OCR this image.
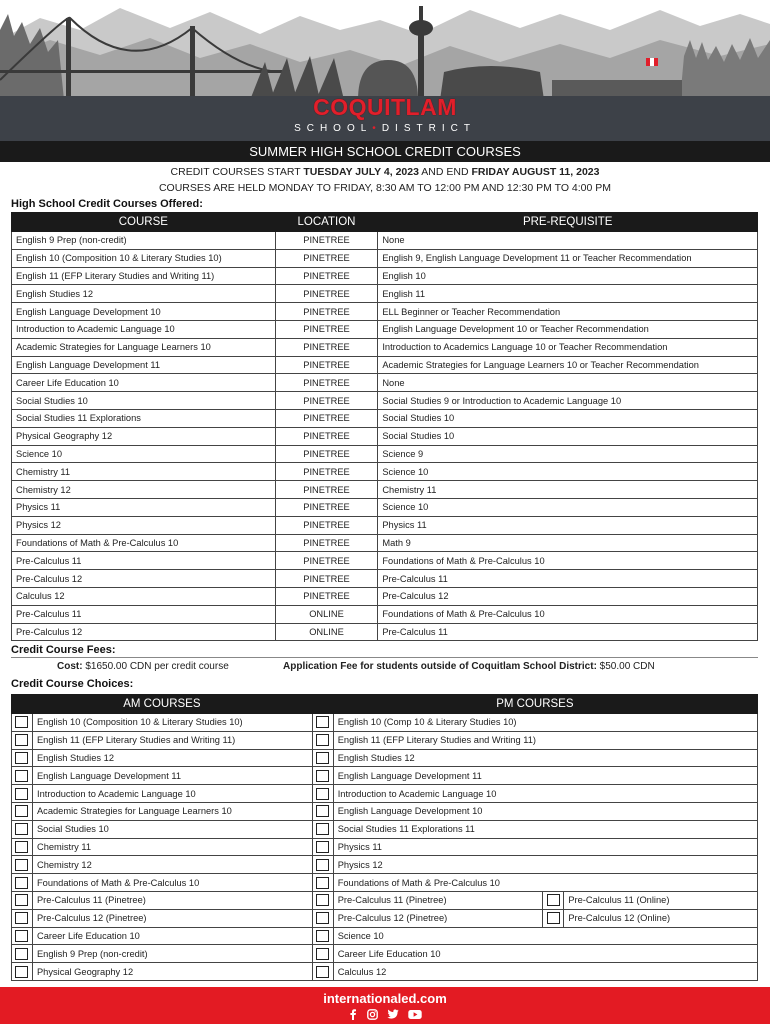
COQUITLAM
SCHOOL•DISTRICT
SUMMER HIGH SCHOOL CREDIT COURSES
CREDIT COURSES START TUESDAY JULY 4, 2023 AND END FRIDAY AUGUST 11, 2023
COURSES ARE HELD MONDAY TO FRIDAY, 8:30 AM TO 12:00 PM AND 12:30 PM TO 4:00 PM
High School Credit Courses Offered:
COURSE	LOCATION	PRE-REQUISITE
English 9 Prep (non-credit)	PINETREE	None
English 10 (Composition 10 & Literary Studies 10)	PINETREE	English 9, English Language Development 11 or Teacher Recommendation
English 11 (EFP Literary Studies and Writing 11)	PINETREE	English 10
English Studies 12	PINETREE	English 11
English Language Development 10	PINETREE	ELL Beginner or Teacher Recommendation
Introduction to Academic Language 10	PINETREE	English Language Development 10 or Teacher Recommendation
Academic Strategies for Language Learners 10	PINETREE	Introduction to Academics Language 10 or Teacher Recommendation
English Language Development 11	PINETREE	Academic Strategies for Language Learners 10 or Teacher Recommendation
Career Life Education 10	PINETREE	None
Social Studies 10	PINETREE	Social Studies 9 or Introduction to Academic Language 10
Social Studies 11 Explorations	PINETREE	Social Studies 10
Physical Geography 12	PINETREE	Social Studies 10
Science 10	PINETREE	Science 9
Chemistry 11	PINETREE	Science 10
Chemistry 12	PINETREE	Chemistry 11
Physics 11	PINETREE	Science 10
Physics 12	PINETREE	Physics 11
Foundations of Math & Pre-Calculus 10	PINETREE	Math 9
Pre-Calculus 11	PINETREE	Foundations of Math & Pre-Calculus 10
Pre-Calculus 12	PINETREE	Pre-Calculus 11
Calculus 12	PINETREE	Pre-Calculus 12
Pre-Calculus 11	ONLINE	Foundations of Math & Pre-Calculus 10
Pre-Calculus 12	ONLINE	Pre-Calculus 11
Credit Course Fees:
Cost: $1650.00 CDN per credit course	Application Fee for students outside of Coquitlam School District: $50.00 CDN
Credit Course Choices:
AM COURSES		PM COURSES			
	English 10 (Composition 10 & Literary Studies 10)		English 10 (Comp 10 & Literary Studies 10)		
	English 11 (EFP Literary Studies and Writing 11)		English 11 (EFP Literary Studies and Writing 11)		
	English Studies 12		English Studies 12		
	English Language Development 11		English Language Development 11		
	Introduction to Academic Language 10		Introduction to Academic Language 10		
	Academic Strategies for Language Learners 10		English Language Development 10		
	Social Studies 10		Social Studies 11 Explorations 11		
	Chemistry 11		Physics 11		
	Chemistry 12		Physics 12		
	Foundations of Math & Pre-Calculus 10		Foundations of Math & Pre-Calculus 10		
	Pre-Calculus 11 (Pinetree)		Pre-Calculus 11 (Pinetree)		Pre-Calculus 11 (Online)
	Pre-Calculus 12 (Pinetree)		Pre-Calculus 12 (Pinetree)		Pre-Calculus 12 (Online)
	Career Life Education 10		Science 10		
	English 9 Prep (non-credit)		Career Life Education 10		
	Physical Geography 12		Calculus 12		
internationaled.com
